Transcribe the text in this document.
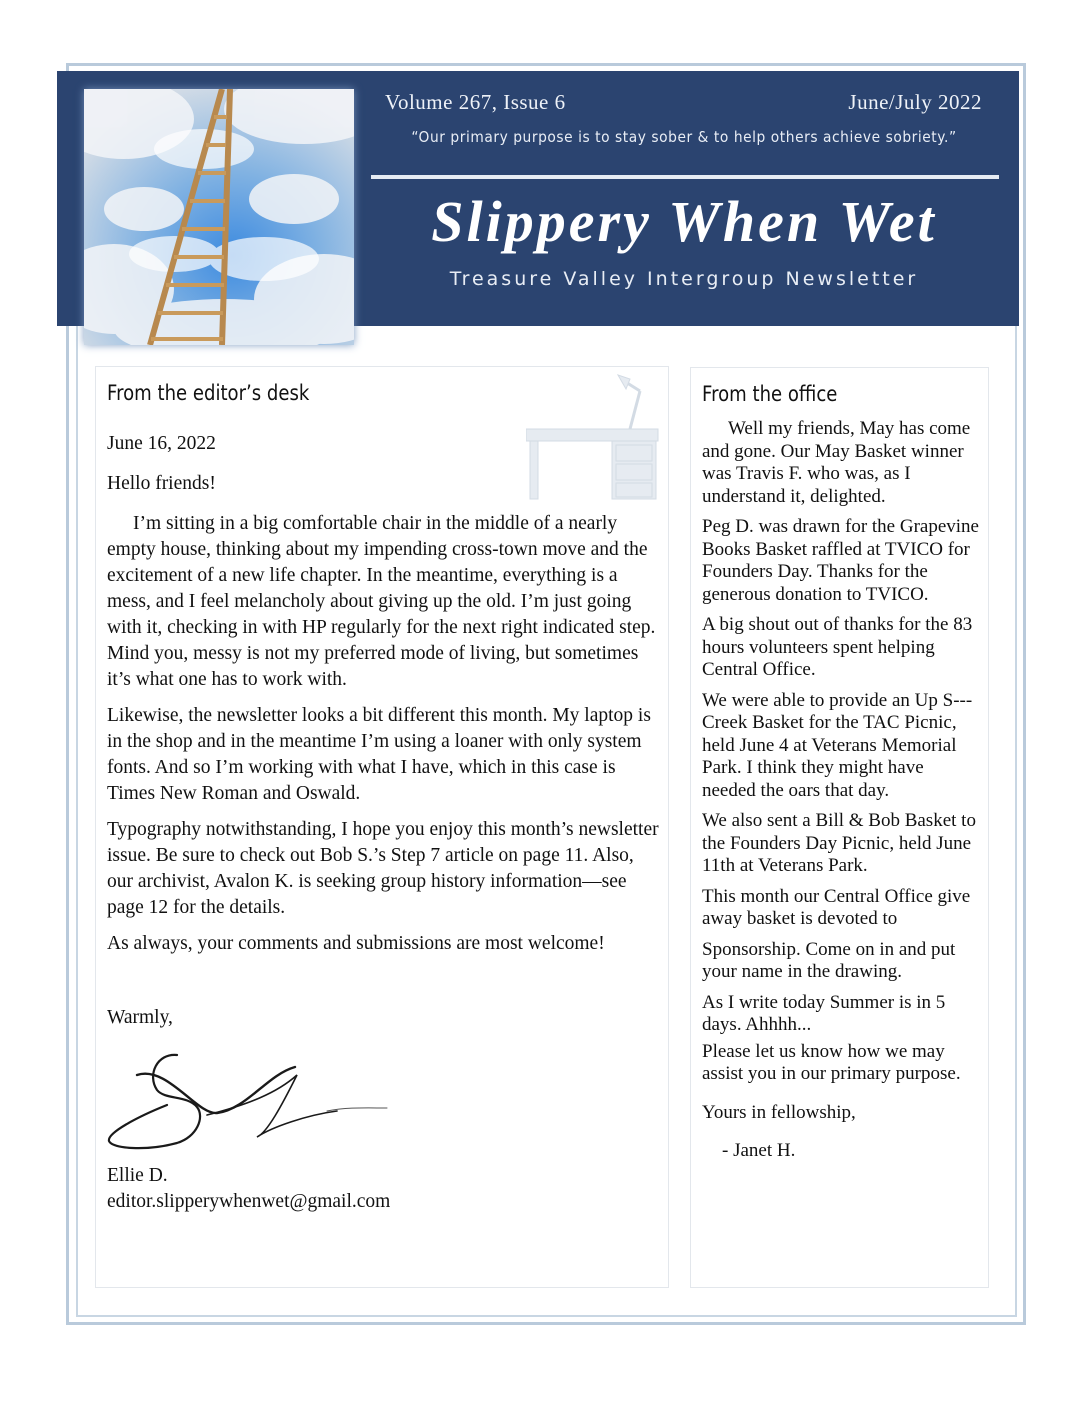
Volume 267, Issue 6	June/July 2022
“Our primary purpose is to stay sober & to help others achieve sobriety.”
Slippery When Wet
Treasure Valley Intergroup Newsletter
From the editor’s desk

June 16, 2022

Hello friends!

I’m sitting in a big comfortable chair in the middle of a nearly empty house, thinking about my impending cross-town move and the excitement of a new life chapter. In the meantime, everything is a mess, and I feel melancholy about giving up the old. I’m just going with it, checking in with HP regularly for the next right indicated step. Mind you, messy is not my preferred mode of living, but sometimes it’s what one has to work with.

Likewise, the newsletter looks a bit different this month. My laptop is in the shop and in the meantime I’m using a loaner with only system fonts. And so I’m working with what I have, which in this case is Times New Roman and Oswald.

Typography notwithstanding, I hope you enjoy this month’s newsletter issue. Be sure to check out Bob S.’s Step 7 article on page 11. Also, our archivist, Avalon K. is seeking group history information—see page 12 for the details.

As always, your comments and submissions are most welcome!

Warmly,

Ellie D.

editor.slipperywhenwet@gmail.com

From the office

Well my friends, May has come and gone. Our May Basket winner was Travis F. who was, as I understand it, delighted.

Peg D. was drawn for the Grapevine Books Basket raffled at TVICO for Founders Day. Thanks for the generous donation to TVICO.

A big shout out of thanks for the 83 hours volunteers spent helping Central Office.

We were able to provide an Up S--- Creek Basket for the TAC Picnic, held June 4 at Veterans Memorial Park. I think they might have needed the oars that day.

We also sent a Bill & Bob Basket to the Founders Day Picnic, held June 11th at Veterans Park.

This month our Central Office give away basket is devoted to

Sponsorship. Come on in and put your name in the drawing.

As I write today Summer is in 5 days. Ahhhh...

Please let us know how we may assist you in our primary purpose.

Yours in fellowship,

- Janet H.
